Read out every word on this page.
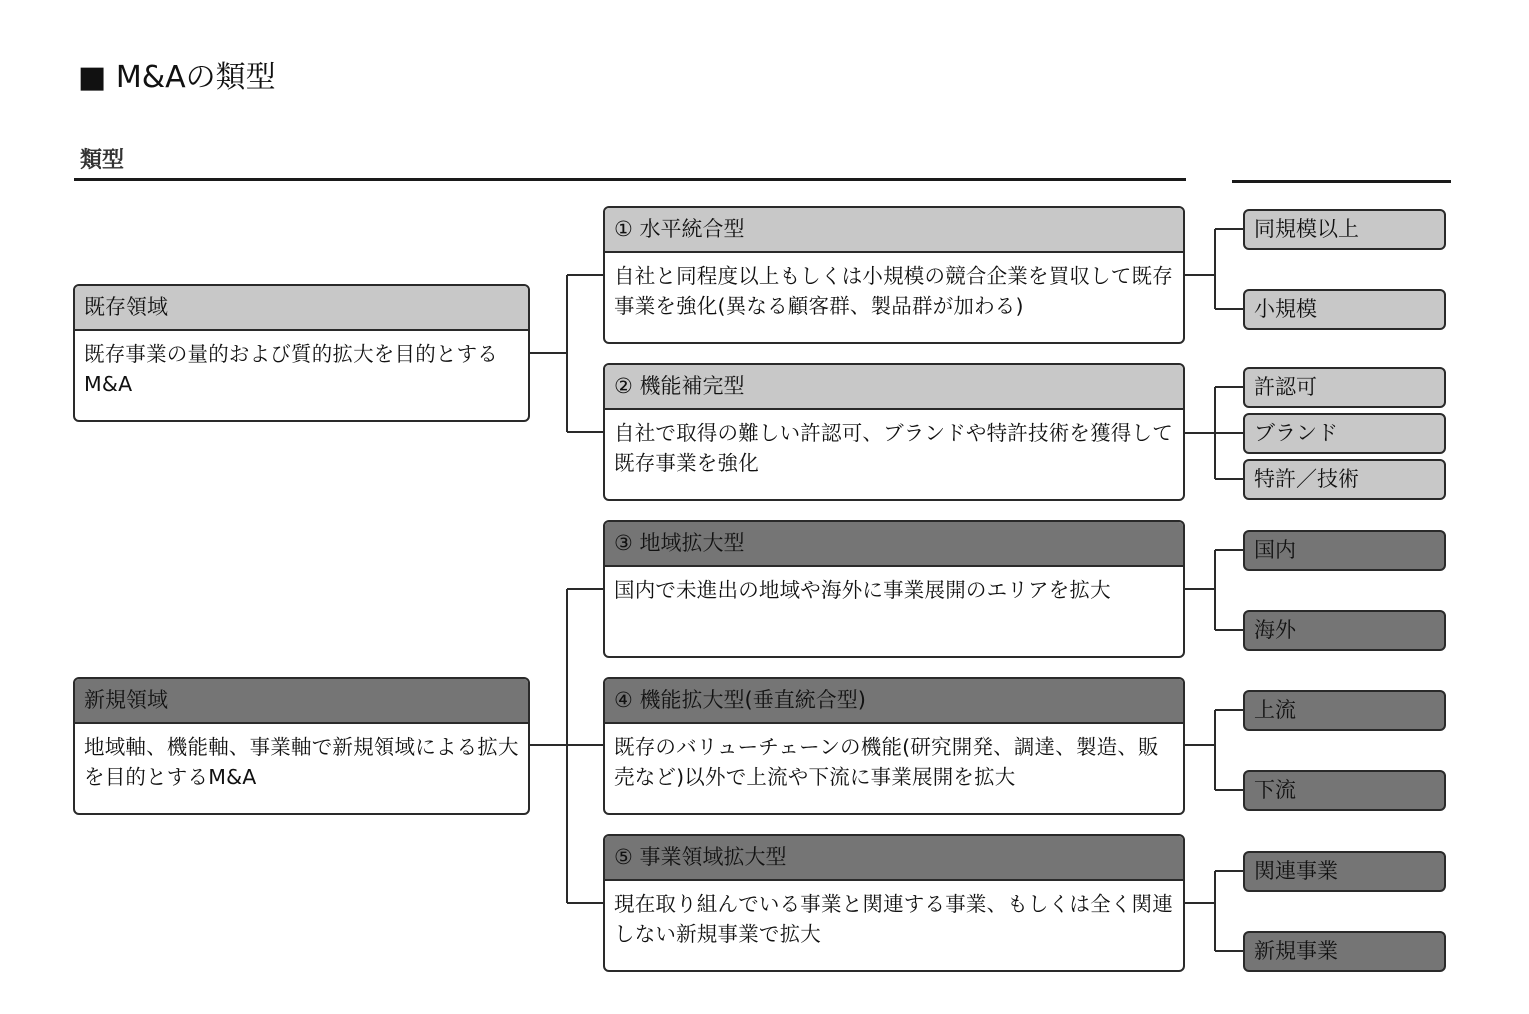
■ M&Aの類型
類型
既存領域
既存事業の量的および質的拡大を目的とするM&A
新規領域
地域軸、機能軸、事業軸で新規領域による拡大を目的とするM&A
① 水平統合型
自社と同程度以上もしくは小規模の競合企業を買収して既存事業を強化(異なる顧客群、製品群が加わる)
② 機能補完型
自社で取得の難しい許認可、ブランドや特許技術を獲得して既存事業を強化
③ 地域拡大型
国内で未進出の地域や海外に事業展開のエリアを拡大
④ 機能拡大型(垂直統合型)
既存のバリューチェーンの機能(研究開発、調達、製造、販売など)以外で上流や下流に事業展開を拡大
⑤ 事業領域拡大型
現在取り組んでいる事業と関連する事業、もしくは全く関連しない新規事業で拡大
同規模以上
小規模
許認可
ブランド
特許／技術
国内
海外
上流
下流
関連事業
新規事業
